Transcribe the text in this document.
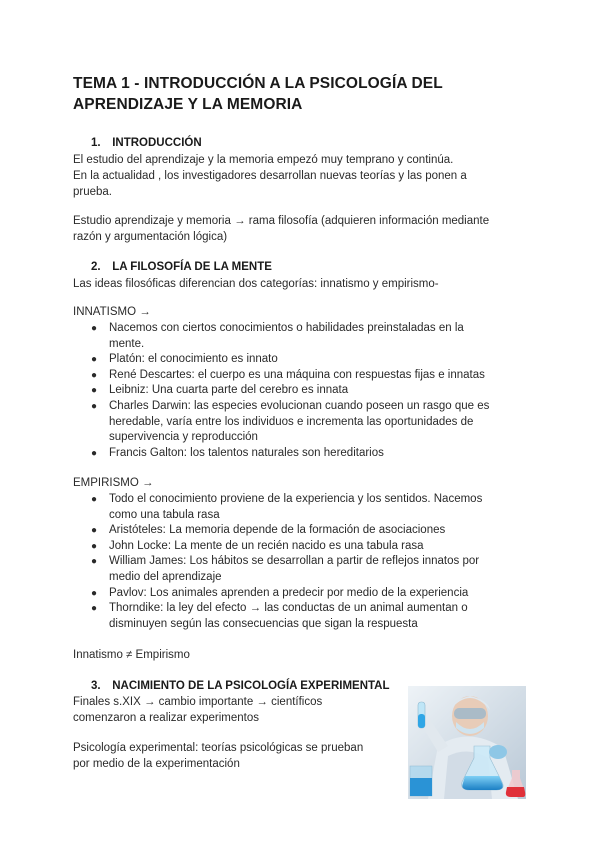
TEMA 1 - INTRODUCCIÓN A LA PSICOLOGÍA DEL
APRENDIZAJE Y LA MEMORIA
1. INTRODUCCIÓN
El estudio del aprendizaje y la memoria empezó muy temprano y continúa.
En la actualidad , los investigadores desarrollan nuevas teorías y las ponen a
prueba.
Estudio aprendizaje y memoria → rama filosofía (adquieren información mediante
razón y argumentación lógica)
2. LA FILOSOFÍA DE LA MENTE
Las ideas filosóficas diferencian dos categorías: innatismo y empirismo-
INNATISMO →
● Nacemos con ciertos conocimientos o habilidades preinstaladas en la
mente.
● Platón: el conocimiento es innato
● René Descartes: el cuerpo es una máquina con respuestas fijas e innatas
● Leibniz: Una cuarta parte del cerebro es innata
● Charles Darwin: las especies evolucionan cuando poseen un rasgo que es
heredable, varía entre los individuos e incrementa las oportunidades de
supervivencia y reproducción
● Francis Galton: los talentos naturales son hereditarios
EMPIRISMO →
● Todo el conocimiento proviene de la experiencia y los sentidos. Nacemos
como una tabula rasa
● Aristóteles: La memoria depende de la formación de asociaciones
● John Locke: La mente de un recién nacido es una tabula rasa
● William James: Los hábitos se desarrollan a partir de reflejos innatos por
medio del aprendizaje
● Pavlov: Los animales aprenden a predecir por medio de la experiencia
● Thorndike: la ley del efecto → las conductas de un animal aumentan o
disminuyen según las consecuencias que sigan la respuesta
Innatismo ≠ Empirismo
3. NACIMIENTO DE LA PSICOLOGÍA EXPERIMENTAL
Finales s.XIX → cambio importante → científicos
comenzaron a realizar experimentos
Psicología experimental: teorías psicológicas se prueban
por medio de la experimentación
